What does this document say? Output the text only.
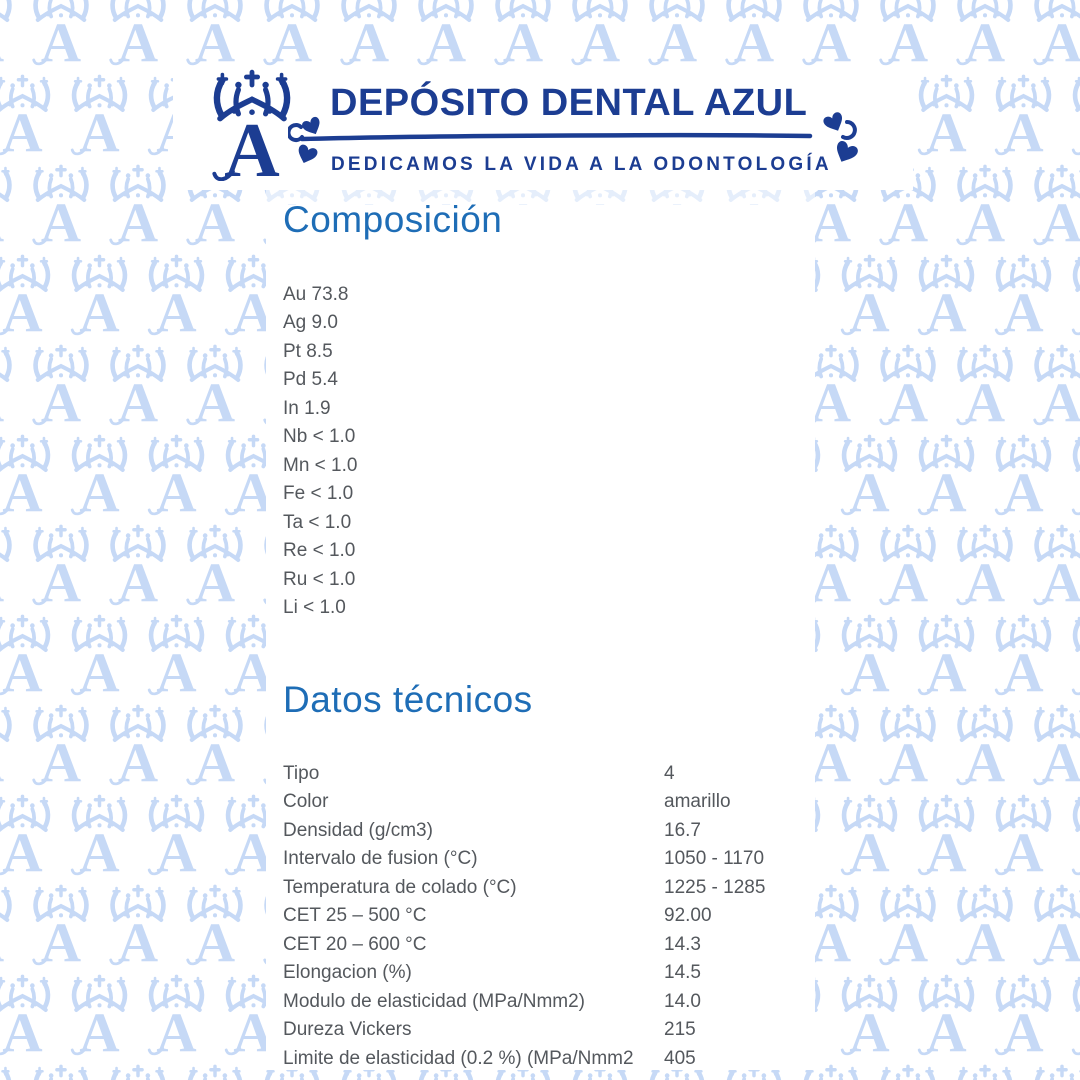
DEPÓSITO DENTAL AZUL
DEDICAMOS LA VIDA A LA ODONTOLOGÍA
Composición
Au 73.8
Ag 9.0
Pt 8.5
Pd 5.4
In 1.9
Nb < 1.0
Mn < 1.0
Fe < 1.0
Ta < 1.0
Re < 1.0
Ru < 1.0
Li < 1.0
Datos técnicos
Tipo	4
Color	amarillo
Densidad (g/cm3)	16.7
Intervalo de fusion (°C)	1050 - 1170
Temperatura de colado (°C)	1225 - 1285
CET 25 – 500 °C	92.00
CET 20 – 600 °C	14.3
Elongacion (%)	14.5
Modulo de elasticidad (MPa/Nmm2)	14.0
Dureza Vickers	215
Limite de elasticidad (0.2 %) (MPa/Nmm2	405
